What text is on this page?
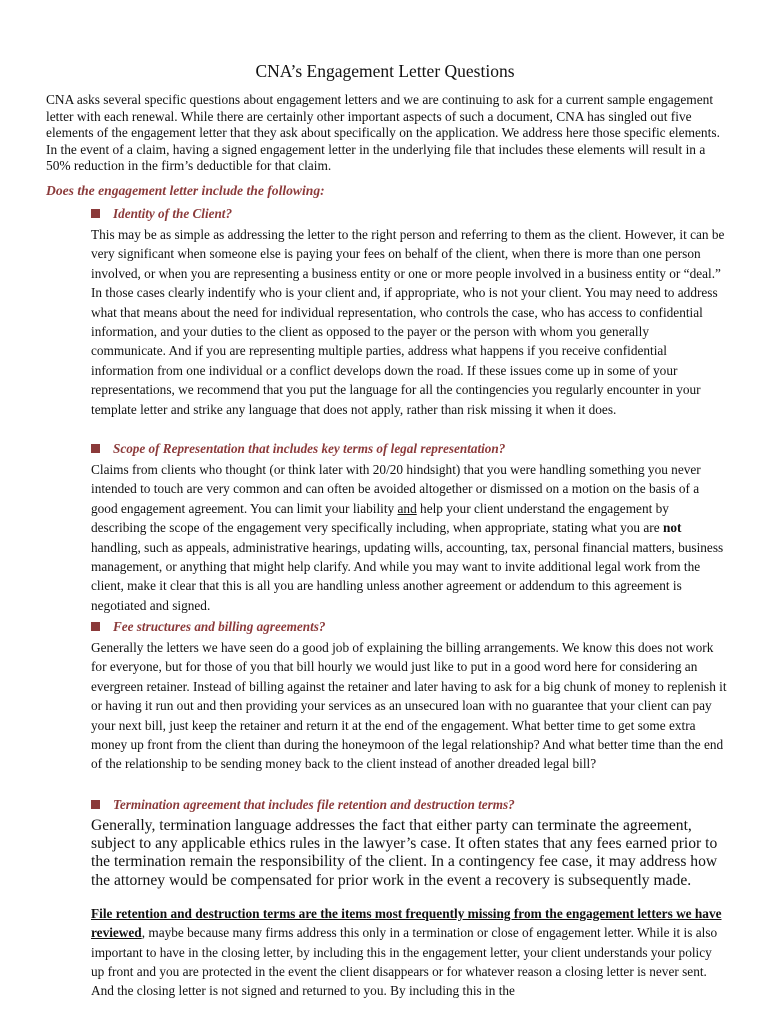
CNA’s Engagement Letter Questions
CNA asks several specific questions about engagement letters and we are continuing to ask for a current sample engagement letter with each renewal. While there are certainly other important aspects of such a document, CNA has singled out five elements of the engagement letter that they ask about specifically on the application. We address here those specific elements. In the event of a claim, having a signed engagement letter in the underlying file that includes these elements will result in a 50% reduction in the firm’s deductible for that claim.
Does the engagement letter include the following:
Identity of the Client?
This may be as simple as addressing the letter to the right person and referring to them as the client. However, it can be very significant when someone else is paying your fees on behalf of the client, when there is more than one person involved, or when you are representing a business entity or one or more people involved in a business entity or “deal.” In those cases clearly indentify who is your client and, if appropriate, who is not your client. You may need to address what that means about the need for individual representation, who controls the case, who has access to confidential information, and your duties to the client as opposed to the payer or the person with whom you generally communicate. And if you are representing multiple parties, address what happens if you receive confidential information from one individual or a conflict develops down the road. If these issues come up in some of your representations, we recommend that you put the language for all the contingencies you regularly encounter in your template letter and strike any language that does not apply, rather than risk missing it when it does.
Scope of Representation that includes key terms of legal representation?
Claims from clients who thought (or think later with 20/20 hindsight) that you were handling something you never intended to touch are very common and can often be avoided altogether or dismissed on a motion on the basis of a good engagement agreement. You can limit your liability and help your client understand the engagement by describing the scope of the engagement very specifically including, when appropriate, stating what you are not handling, such as appeals, administrative hearings, updating wills, accounting, tax, personal financial matters, business management, or anything that might help clarify. And while you may want to invite additional legal work from the client, make it clear that this is all you are handling unless another agreement or addendum to this agreement is negotiated and signed.
Fee structures and billing agreements?
Generally the letters we have seen do a good job of explaining the billing arrangements. We know this does not work for everyone, but for those of you that bill hourly we would just like to put in a good word here for considering an evergreen retainer. Instead of billing against the retainer and later having to ask for a big chunk of money to replenish it or having it run out and then providing your services as an unsecured loan with no guarantee that your client can pay your next bill, just keep the retainer and return it at the end of the engagement. What better time to get some extra money up front from the client than during the honeymoon of the legal relationship? And what better time than the end of the relationship to be sending money back to the client instead of another dreaded legal bill?
Termination agreement that includes file retention and destruction terms?
Generally, termination language addresses the fact that either party can terminate the agreement, subject to any applicable ethics rules in the lawyer’s case. It often states that any fees earned prior to the termination remain the responsibility of the client. In a contingency fee case, it may address how the attorney would be compensated for prior work in the event a recovery is subsequently made.
File retention and destruction terms are the items most frequently missing from the engagement letters we have reviewed, maybe because many firms address this only in a termination or close of engagement letter. While it is also important to have in the closing letter, by including this in the engagement letter, your client understands your policy up front and you are protected in the event the client disappears or for whatever reason a closing letter is never sent. And the closing letter is not signed and returned to you. By including this in the
